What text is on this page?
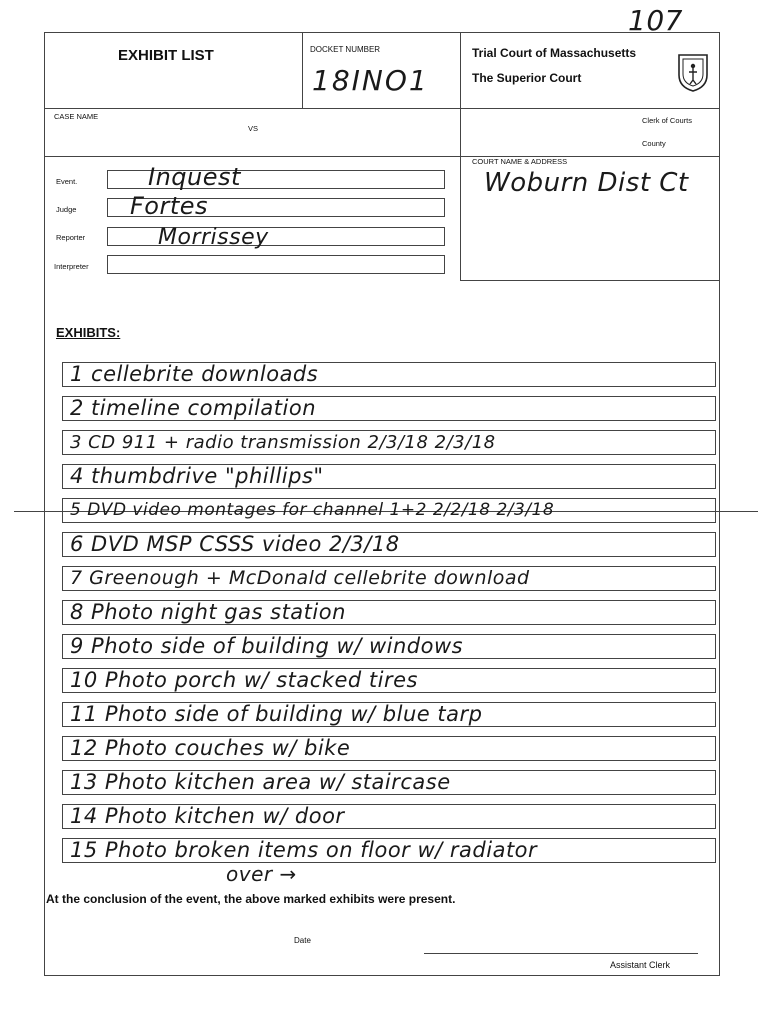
EXHIBIT LIST	DOCKET NUMBER
18INO1
Trial Court of Massachusetts
The Superior Court
107
CASE NAME
VS
Clerk of Courts
County
Event.	Inquest
Judge Fortes
Reporter	Morrissey
Interpreter
COURT NAME & ADDRESS
Woburn Dist Ct
EXHIBITS:
1 cellebrite downloads
2 timeline compilation
3 CD 911 + radio transmission 2/3/18 2/3/18
4 thumbdrive "phillips"
5 DVD video montages for channel 1+2 2/2/18 2/3/18
6 DVD MSP CSSS video 2/3/18
7 Greenough + McDonald cellebrite download
8 Photo night gas station
9 Photo side of building w/ windows
10 Photo porch w/ stacked tires
11 Photo side of building w/ blue tarp
12 Photo couches w/ bike
13 Photo kitchen area w/ staircase
14 Photo kitchen w/ door
15 Photo broken items on floor w/ radiator
over →
At the conclusion of the event, the above marked exhibits were present.
Date
Assistant Clerk
